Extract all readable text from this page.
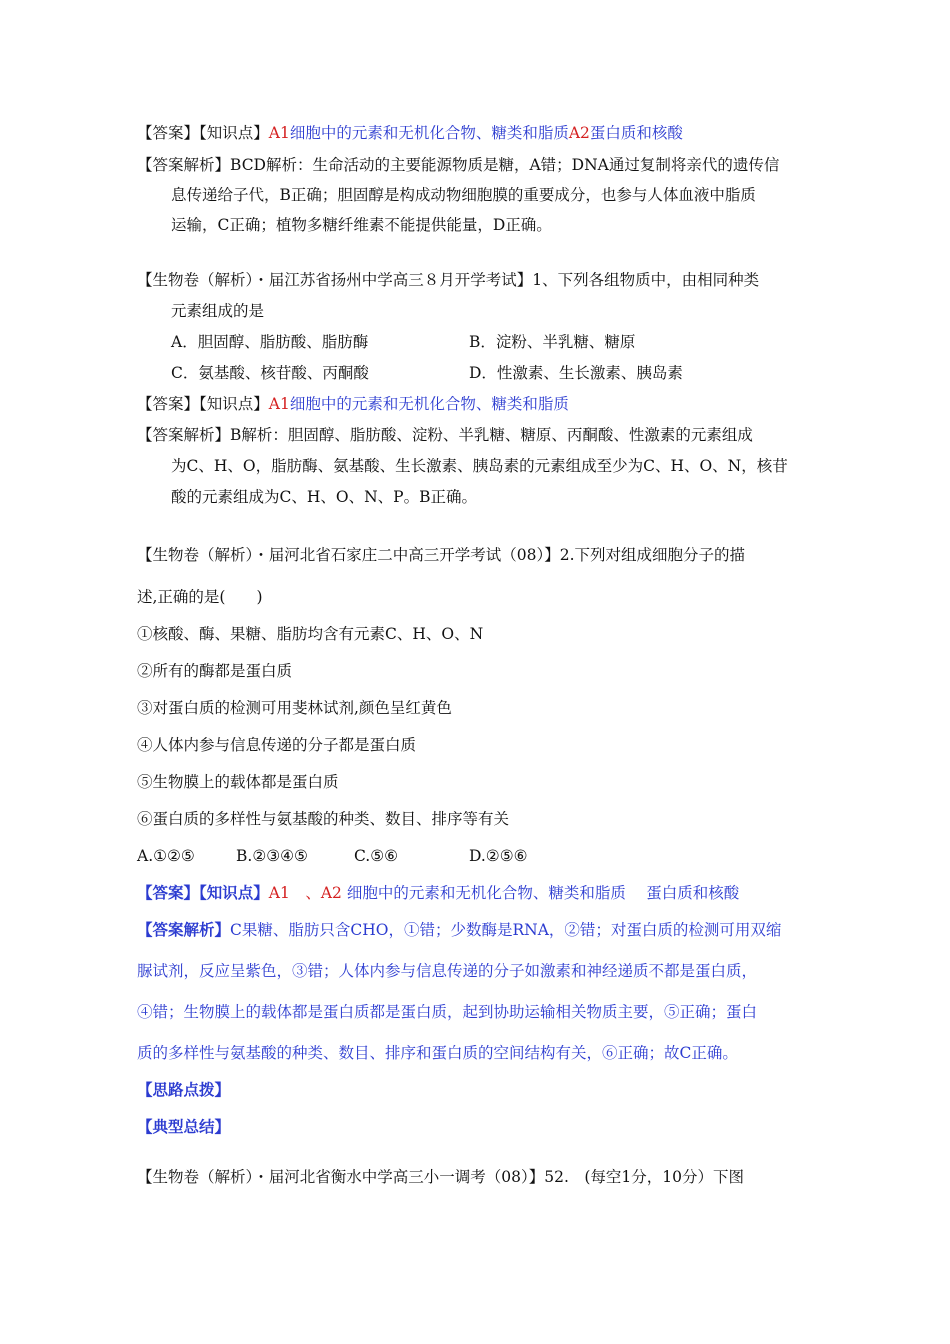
【答案】【知识点】A1细胞中的元素和无机化合物、糖类和脂质A2蛋白质和核酸
【答案解析】BCD解析：生命活动的主要能源物质是糖，A错；DNA通过复制将亲代的遗传信
息传递给子代，B正确；胆固醇是构成动物细胞膜的重要成分，也参与人体血液中脂质
运输，C正确；植物多糖纤维素不能提供能量，D正确。
【生物卷（解析）・届江苏省扬州中学高三８月开学考试】1、下列各组物质中，由相同种类
元素组成的是
A．胆固醇、脂肪酸、脂肪酶	B．淀粉、半乳糖、糖原
C．氨基酸、核苷酸、丙酮酸	D．性激素、生长激素、胰岛素
【答案】【知识点】A1细胞中的元素和无机化合物、糖类和脂质
【答案解析】B解析：胆固醇、脂肪酸、淀粉、半乳糖、糖原、丙酮酸、性激素的元素组成
为C、H、O，脂肪酶、氨基酸、生长激素、胰岛素的元素组成至少为C、H、O、N，核苷
酸的元素组成为C、H、O、N、P。B正确。
【生物卷（解析）・届河北省石家庄二中高三开学考试（08）】2.下列对组成细胞分子的描
述,正确的是(　　)
①核酸、酶、果糖、脂肪均含有元素C、H、O、N
②所有的酶都是蛋白质
③对蛋白质的检测可用斐林试剂,颜色呈红黄色
④人体内参与信息传递的分子都是蛋白质
⑤生物膜上的载体都是蛋白质
⑥蛋白质的多样性与氨基酸的种类、数目、排序等有关
A.①②⑤	B.②③④⑤	C.⑤⑥	D.②⑤⑥
【答案】【知识点】A1　、A2 细胞中的元素和无机化合物、糖类和脂质　 蛋白质和核酸
【答案解析】C果糖、脂肪只含CHO，①错；少数酶是RNA，②错；对蛋白质的检测可用双缩
脲试剂，反应呈紫色，③错；人体内参与信息传递的分子如激素和神经递质不都是蛋白质，
④错；生物膜上的载体都是蛋白质都是蛋白质，起到协助运输相关物质主要，⑤正确；蛋白
质的多样性与氨基酸的种类、数目、排序和蛋白质的空间结构有关，⑥正确；故C正确。
【思路点拨】
【典型总结】
【生物卷（解析）・届河北省衡水中学高三小一调考（08）】52.　(每空1分，10分）下图
